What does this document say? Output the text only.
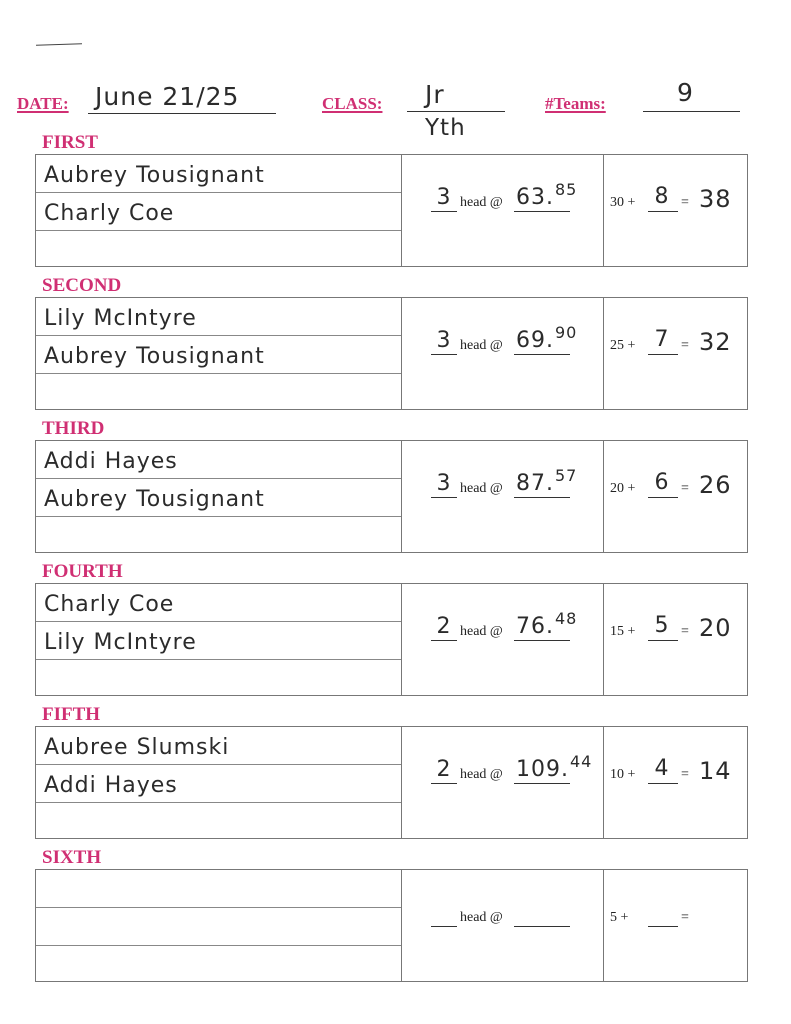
DATE: June 21/25	CLASS: Jr
Yth
#Teams:	9
FIRST
Aubrey Tousignant
Charly Coe
3 head @ 63.85
30 + 8 = 38
SECOND
Lily McIntyre
Aubrey Tousignant
3 head @ 69.90
25 + 7 = 32
THIRD
Addi Hayes
Aubrey Tousignant
3 head @ 87.57
20 + 6 = 26
FOURTH
Charly Coe
Lily McIntyre
2 head @ 76.48
15 + 5 = 20
FIFTH
Aubree Slumski
Addi Hayes
2 head @ 109.44
10 + 4 = 14
SIXTH
head @	5 +	=
